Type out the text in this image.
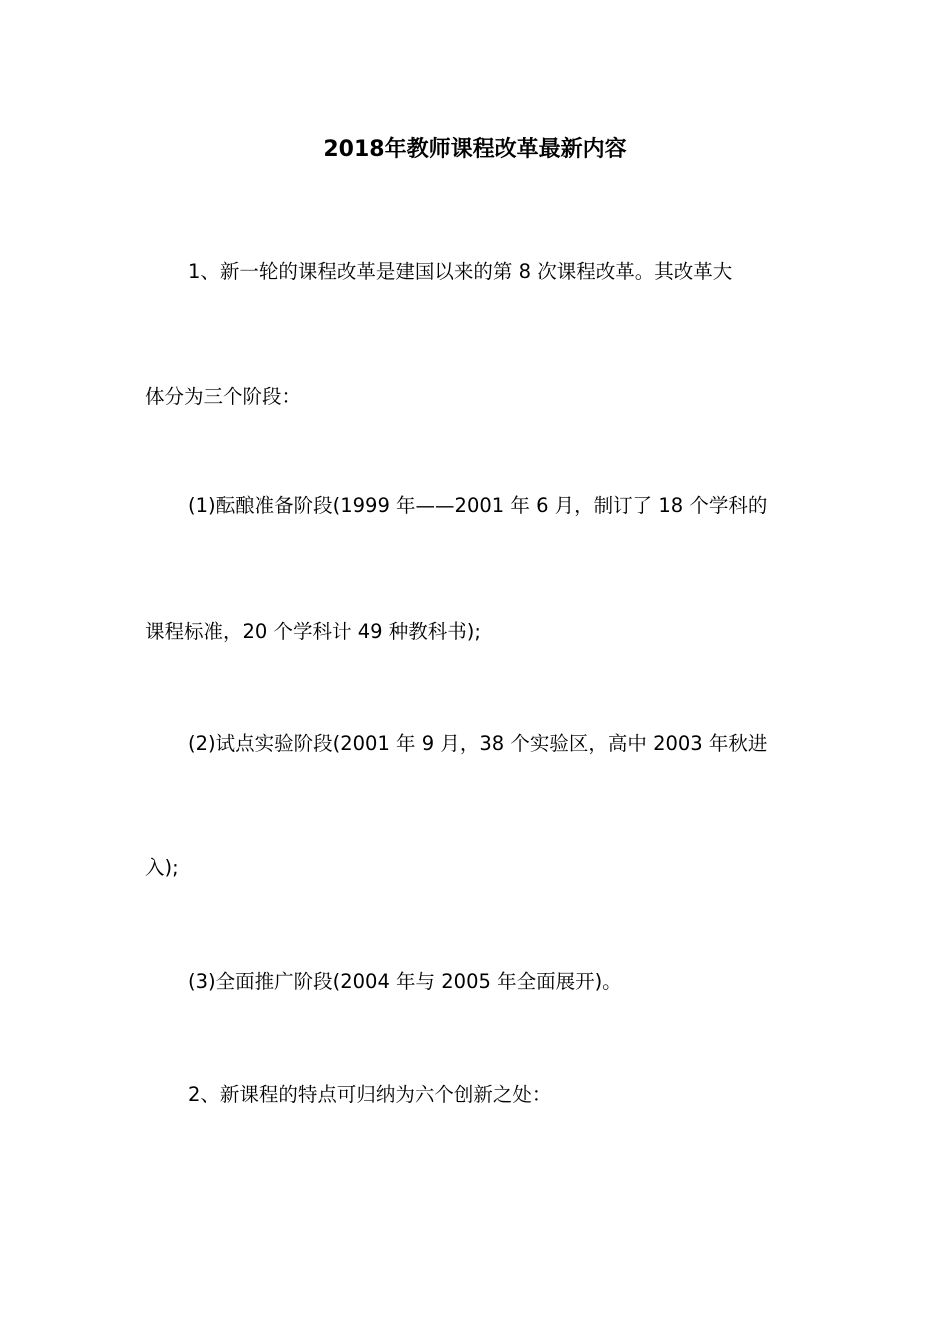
2018年教师课程改革最新内容
1、新一轮的课程改革是建国以来的第 8 次课程改革。其改革大
体分为三个阶段：
(1)酝酿准备阶段(1999 年——2001 年 6 月，制订了 18 个学科的
课程标准，20 个学科计 49 种教科书);
(2)试点实验阶段(2001 年 9 月，38 个实验区，高中 2003 年秋进
入);
(3)全面推广阶段(2004 年与 2005 年全面展开)。
2、新课程的特点可归纳为六个创新之处：
